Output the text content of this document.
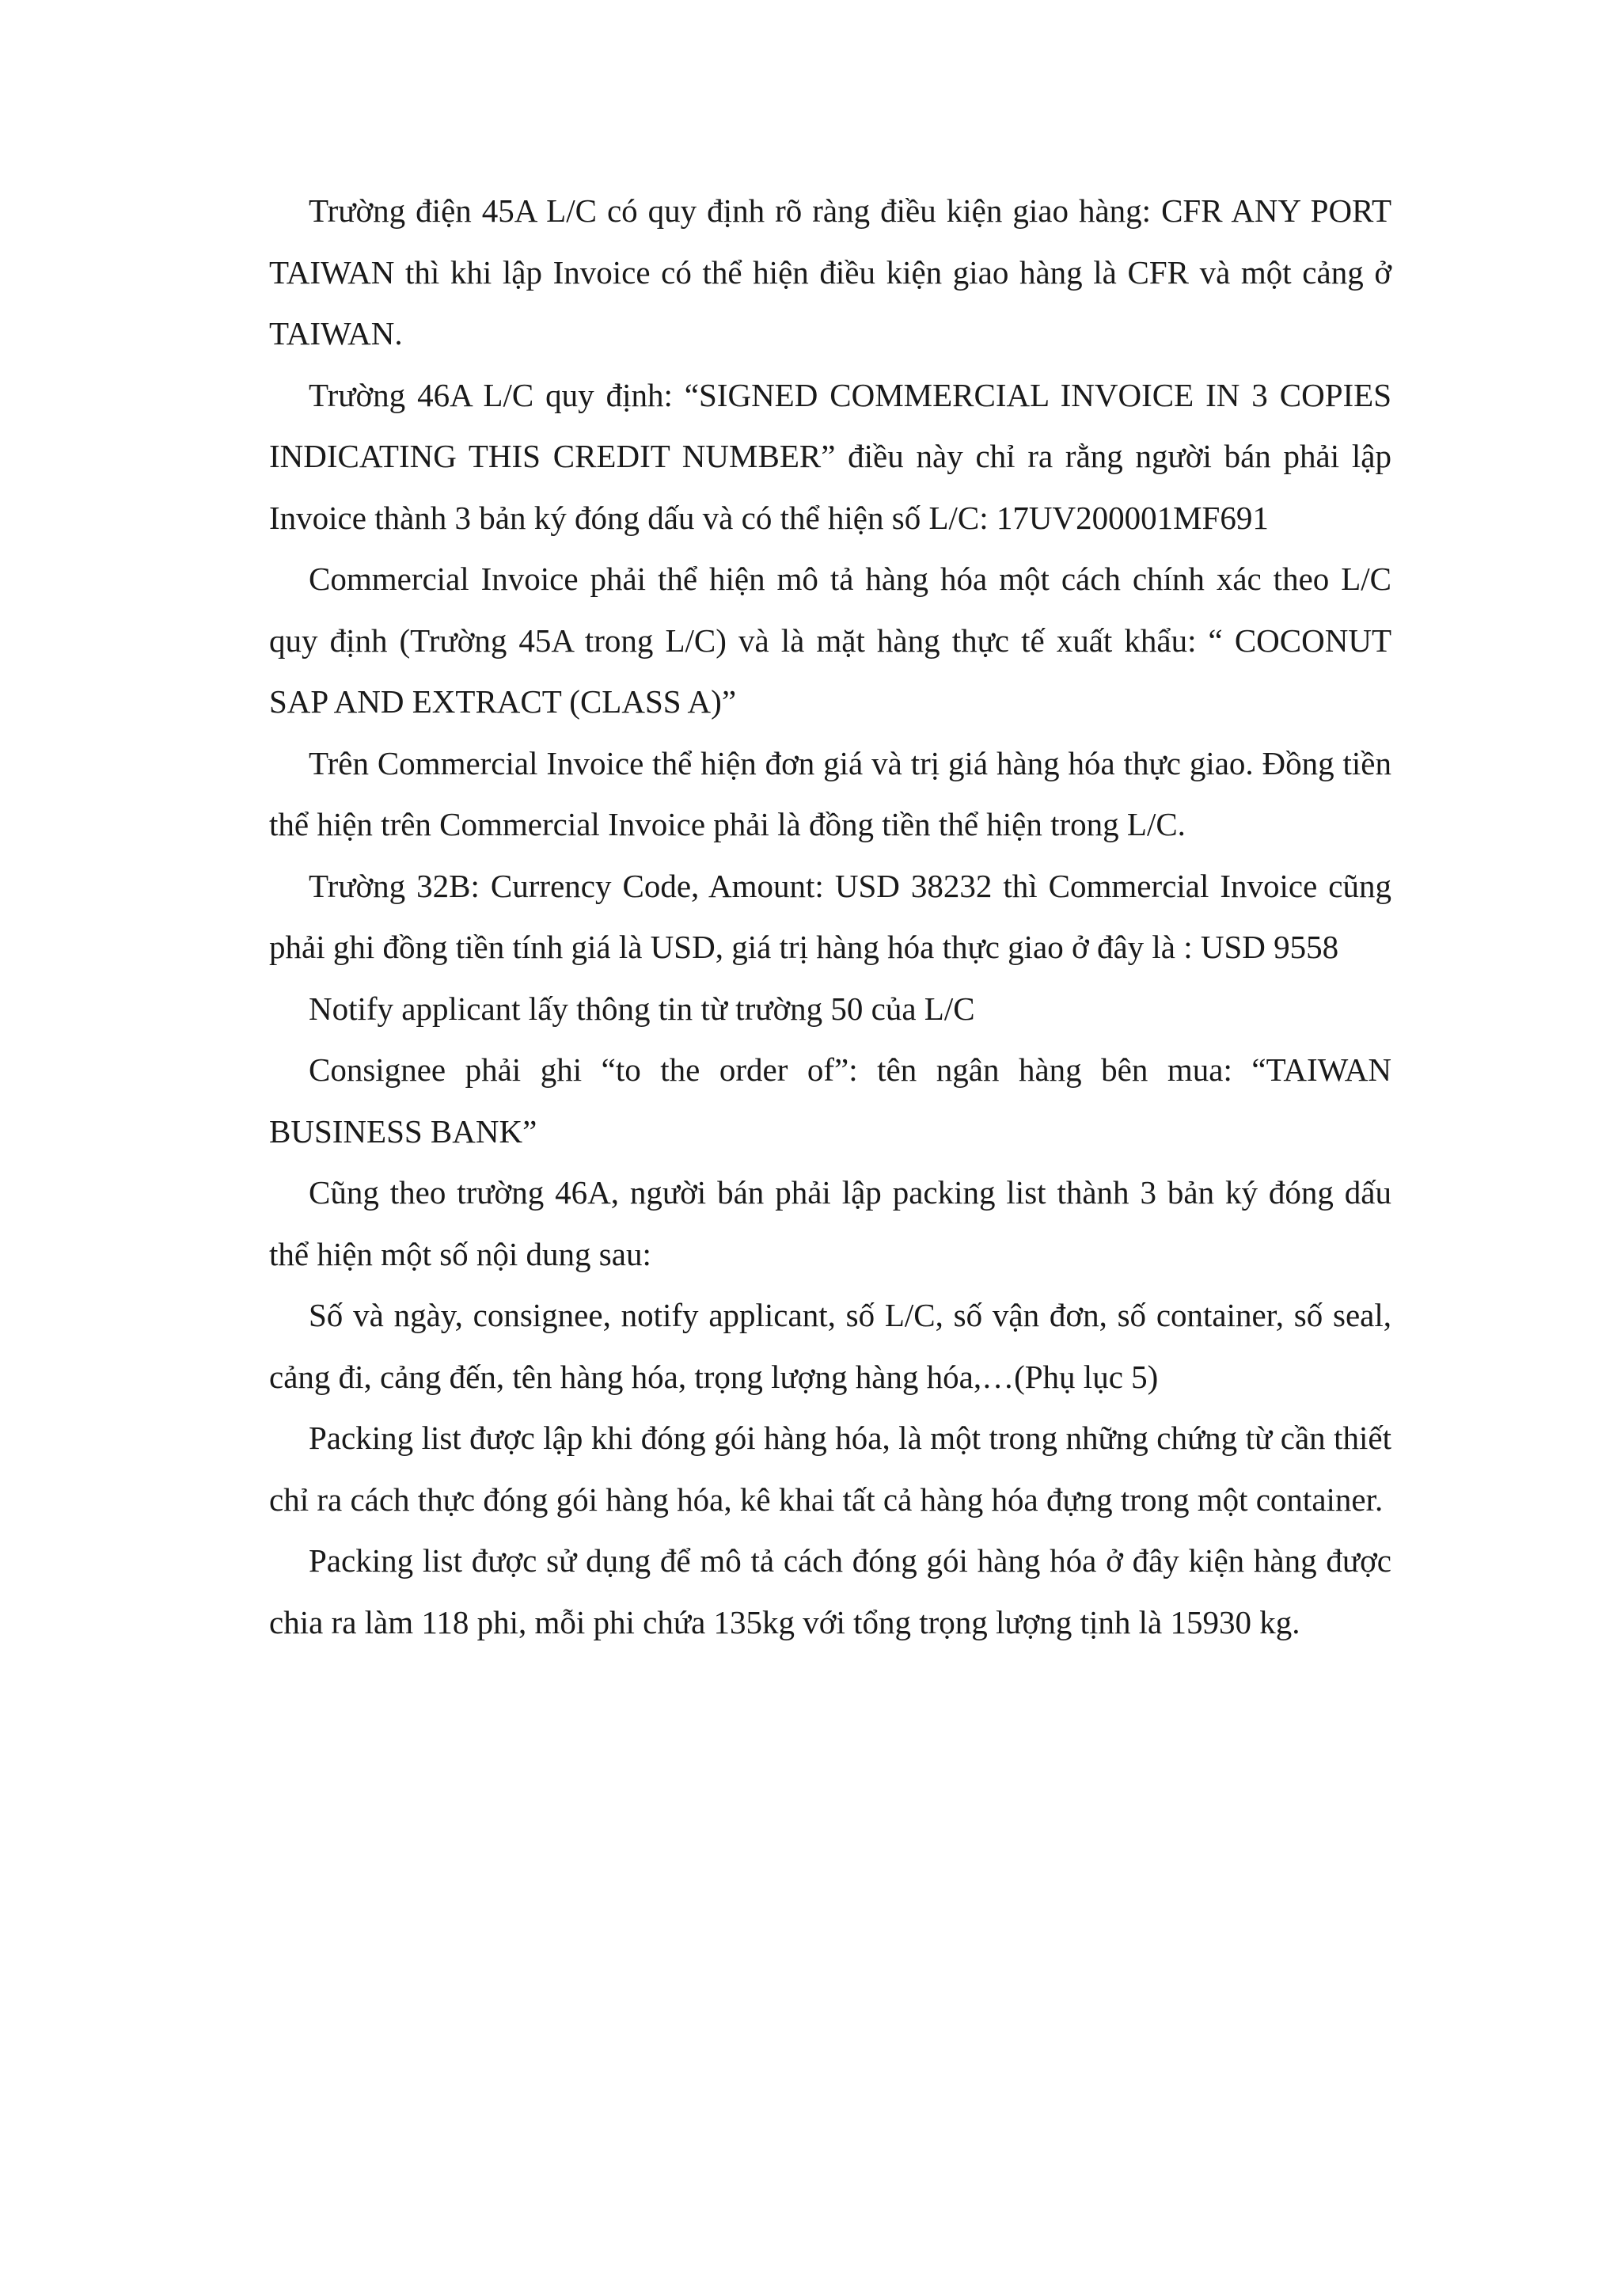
Trường điện 45A L/C có quy định rõ ràng điều kiện giao hàng: CFR ANY PORT TAIWAN thì khi lập Invoice có thể hiện điều kiện giao hàng là CFR và một cảng ở TAIWAN.

Trường 46A L/C quy định: “SIGNED COMMERCIAL INVOICE IN 3 COPIES INDICATING THIS CREDIT NUMBER” điều này chỉ ra rằng người bán phải lập Invoice thành 3 bản ký đóng dấu và có thể hiện số L/C: 17UV200001MF691

Commercial Invoice phải thể hiện mô tả hàng hóa một cách chính xác theo L/C quy định (Trường 45A trong L/C) và là mặt hàng thực tế xuất khẩu: “ COCONUT SAP AND EXTRACT (CLASS A)”

Trên Commercial Invoice thể hiện đơn giá và trị giá hàng hóa thực giao. Đồng tiền thể hiện trên Commercial Invoice phải là đồng tiền thể hiện trong L/C.

Trường 32B: Currency Code, Amount: USD 38232 thì Commercial Invoice cũng phải ghi đồng tiền tính giá là USD, giá trị hàng hóa thực giao ở đây là : USD 9558

Notify applicant lấy thông tin từ trường 50 của L/C

Consignee phải ghi “to the order of”: tên ngân hàng bên mua: “TAIWAN BUSINESS BANK”

Cũng theo trường 46A, người bán phải lập packing list thành 3 bản ký đóng dấu thể hiện một số nội dung sau:

Số và ngày, consignee, notify applicant, số L/C, số vận đơn, số container, số seal, cảng đi, cảng đến, tên hàng hóa, trọng lượng hàng hóa,…(Phụ lục 5)

Packing list được lập khi đóng gói hàng hóa, là một trong những chứng từ cần thiết chỉ ra cách thực đóng gói hàng hóa, kê khai tất cả hàng hóa đựng trong một container.

Packing list được sử dụng để mô tả cách đóng gói hàng hóa ở đây kiện hàng được chia ra làm 118 phi, mỗi phi chứa 135kg với tổng trọng lượng tịnh là 15930 kg.
